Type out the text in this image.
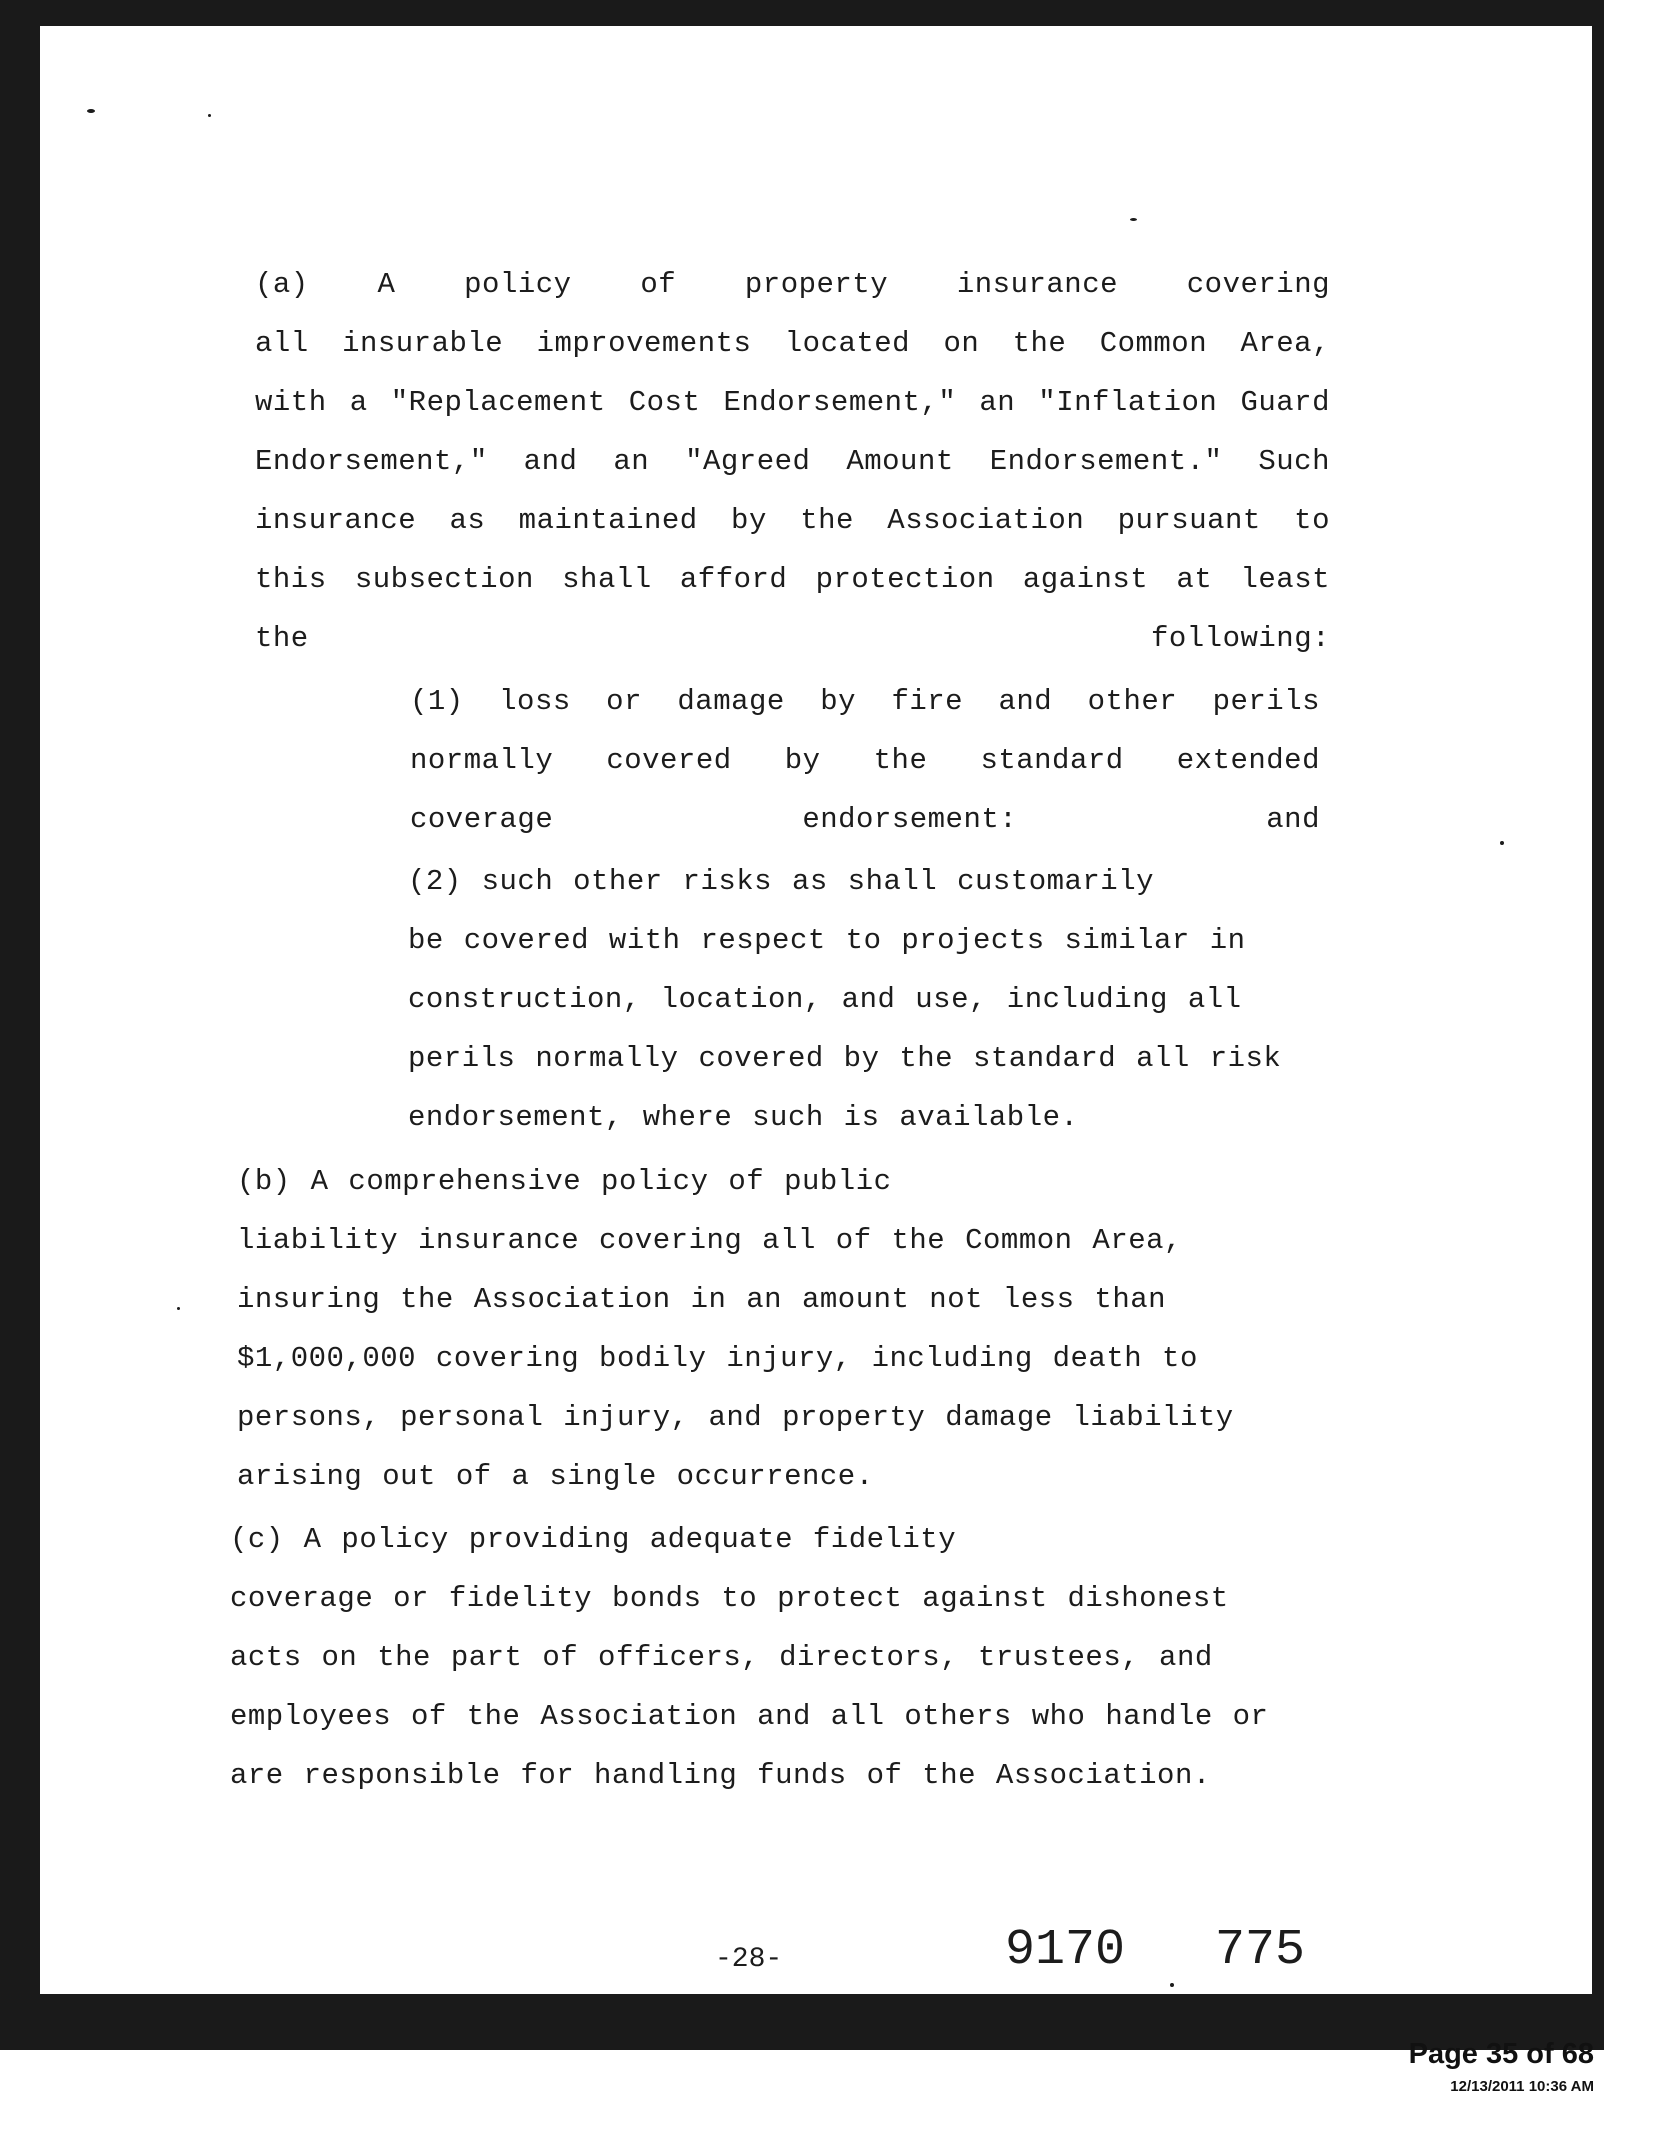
(a) A policy of property insurance covering
all insurable improvements located on the Common Area,
with a "Replacement Cost Endorsement," an "Inflation Guard
Endorsement," and an "Agreed Amount Endorsement." Such
insurance as maintained by the Association pursuant to
this subsection shall afford protection against at least
the following:

(1) loss or damage by fire and other perils
normally covered by the standard extended
coverage endorsement: and

(2) such other risks as shall customarily
be covered with respect to projects similar in
construction, location, and use, including all
perils normally covered by the standard all risk
endorsement, where such is available.

(b) A comprehensive policy of public
liability insurance covering all of the Common Area,
insuring the Association in an amount not less than
$1,000,000 covering bodily injury, including death to
persons, personal injury, and property damage liability
arising out of a single occurrence.

(c) A policy providing adequate fidelity
coverage or fidelity bonds to protect against dishonest
acts on the part of officers, directors, trustees, and
employees of the Association and all others who handle or
are responsible for handling funds of the Association.

-28-	9170 775
Page 35 of 68
12/13/2011 10:36 AM
